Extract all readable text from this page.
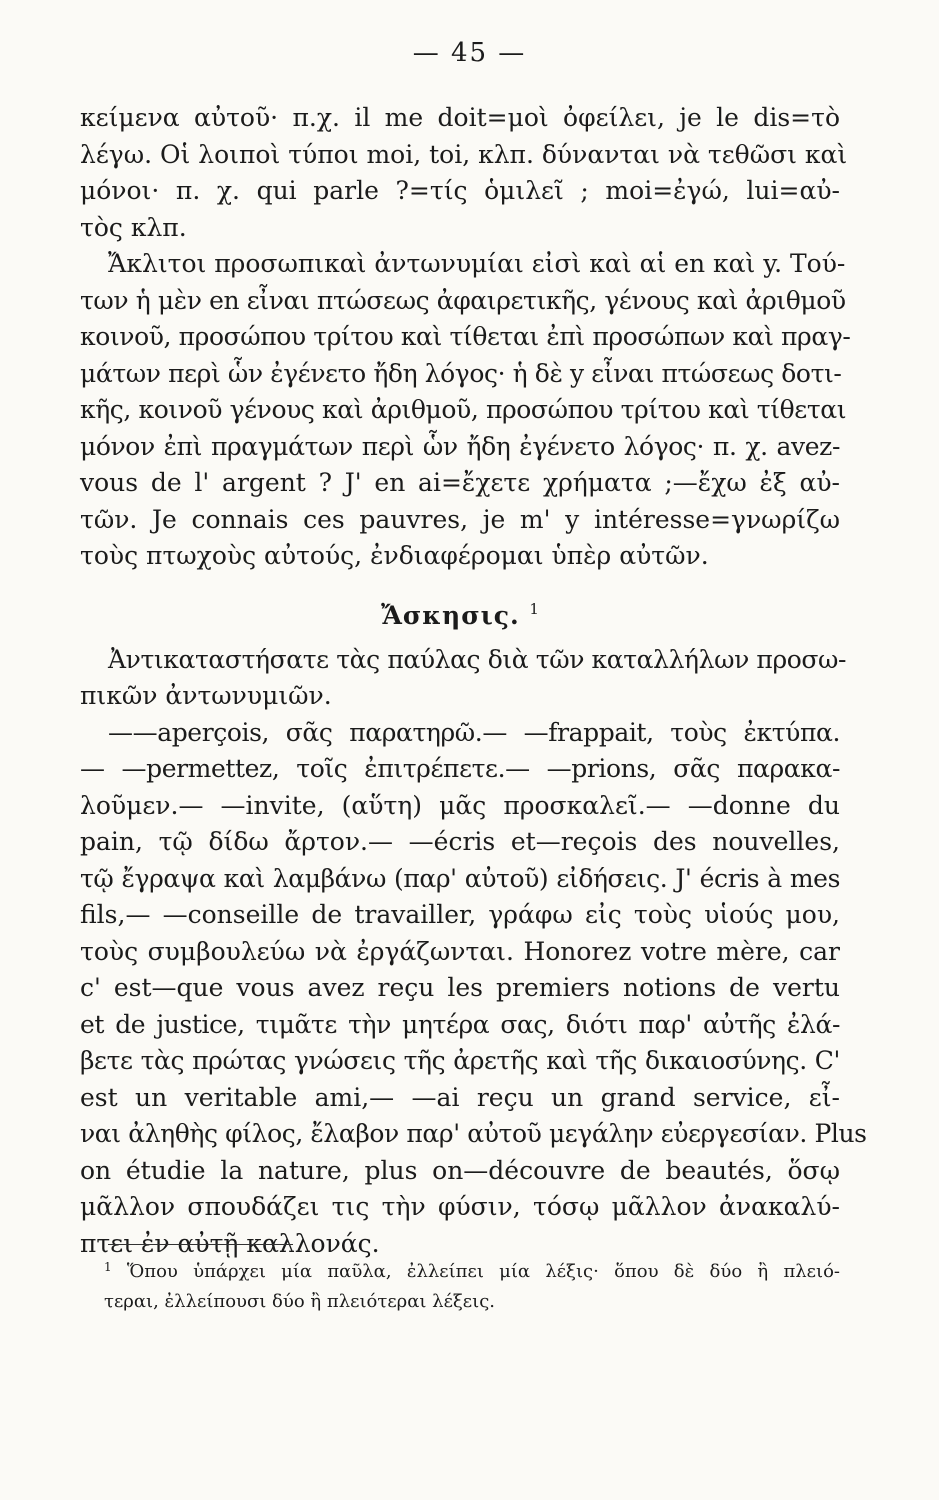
— 45 —
κείμενα αὐτοῦ· π.χ. il me doit=μοὶ ὀφείλει, je le dis=τὸ
λέγω. Οἱ λοιποὶ τύποι moi, toi, κλπ. δύνανται νὰ τεθῶσι καὶ
μόνοι· π. χ. qui parle ?=τίς ὁμιλεῖ ; moi=ἐγώ, lui=αὐ-
τὸς κλπ.
Ἄκλιτοι προσωπικαὶ ἀντωνυμίαι εἰσὶ καὶ αἱ en καὶ y. Τού-
των ἡ μὲν en εἶναι πτώσεως ἀφαιρετικῆς, γένους καὶ ἀριθμοῦ
κοινοῦ, προσώπου τρίτου καὶ τίθεται ἐπὶ προσώπων καὶ πραγ-
μάτων περὶ ὧν ἐγένετο ἤδη λόγος· ἡ δὲ y εἶναι πτώσεως δοτι-
κῆς, κοινοῦ γένους καὶ ἀριθμοῦ, προσώπου τρίτου καὶ τίθεται
μόνον ἐπὶ πραγμάτων περὶ ὧν ἤδη ἐγένετο λόγος· π. χ. avez-
vous de l' argent ? J' en ai=ἔχετε χρήματα ;—ἔχω ἐξ αὐ-
τῶν. Je connais ces pauvres, je m' y intéresse=γνωρίζω
τοὺς πτωχοὺς αὐτούς, ἐνδιαφέρομαι ὑπὲρ αὐτῶν.
Ἄσκησις. $^1$
Ἀντικαταστήσατε τὰς παύλας διὰ τῶν καταλλήλων προσω-
πικῶν ἀντωνυμιῶν.
——aperçois, σᾶς παρατηρῶ.— —frappait, τοὺς ἐκτύπα.
— —permettez, τοῖς ἐπιτρέπετε.— —prions, σᾶς παρακα-
λοῦμεν.— —invite, (αὕτη) μᾶς προσκαλεῖ.— —donne du
pain, τῷ δίδω ἄρτον.— —écris et—reçois des nouvelles,
τῷ ἔγραψα καὶ λαμβάνω (παρ' αὐτοῦ) εἰδήσεις. J' écris à mes
fils,— —conseille de travailler, γράφω εἰς τοὺς υἱούς μου,
τοὺς συμβουλεύω νὰ ἐργάζωνται. Honorez votre mère, car
c' est—que vous avez reçu les premiers notions de vertu
et de justice, τιμᾶτε τὴν μητέρα σας, διότι παρ' αὐτῆς ἐλά-
βετε τὰς πρώτας γνώσεις τῆς ἀρετῆς καὶ τῆς δικαιοσύνης. C'
est un veritable ami,— —ai reçu un grand service, εἶ-
ναι ἀληθὴς φίλος, ἔλαβον παρ' αὐτοῦ μεγάλην εὐεργεσίαν. Plus
on étudie la nature, plus on—découvre de beautés, ὅσῳ
μᾶλλον σπουδάζει τις τὴν φύσιν, τόσῳ μᾶλλον ἀνακαλύ-
πτει ἐν αὐτῇ καλλονάς.
$^1$ Ὅπου ὑπάρχει μία παῦλα, ἐλλείπει μία λέξις· ὅπου δὲ δύο ἢ πλειό-
τεραι, ἐλλείπουσι δύο ἢ πλειότεραι λέξεις.
